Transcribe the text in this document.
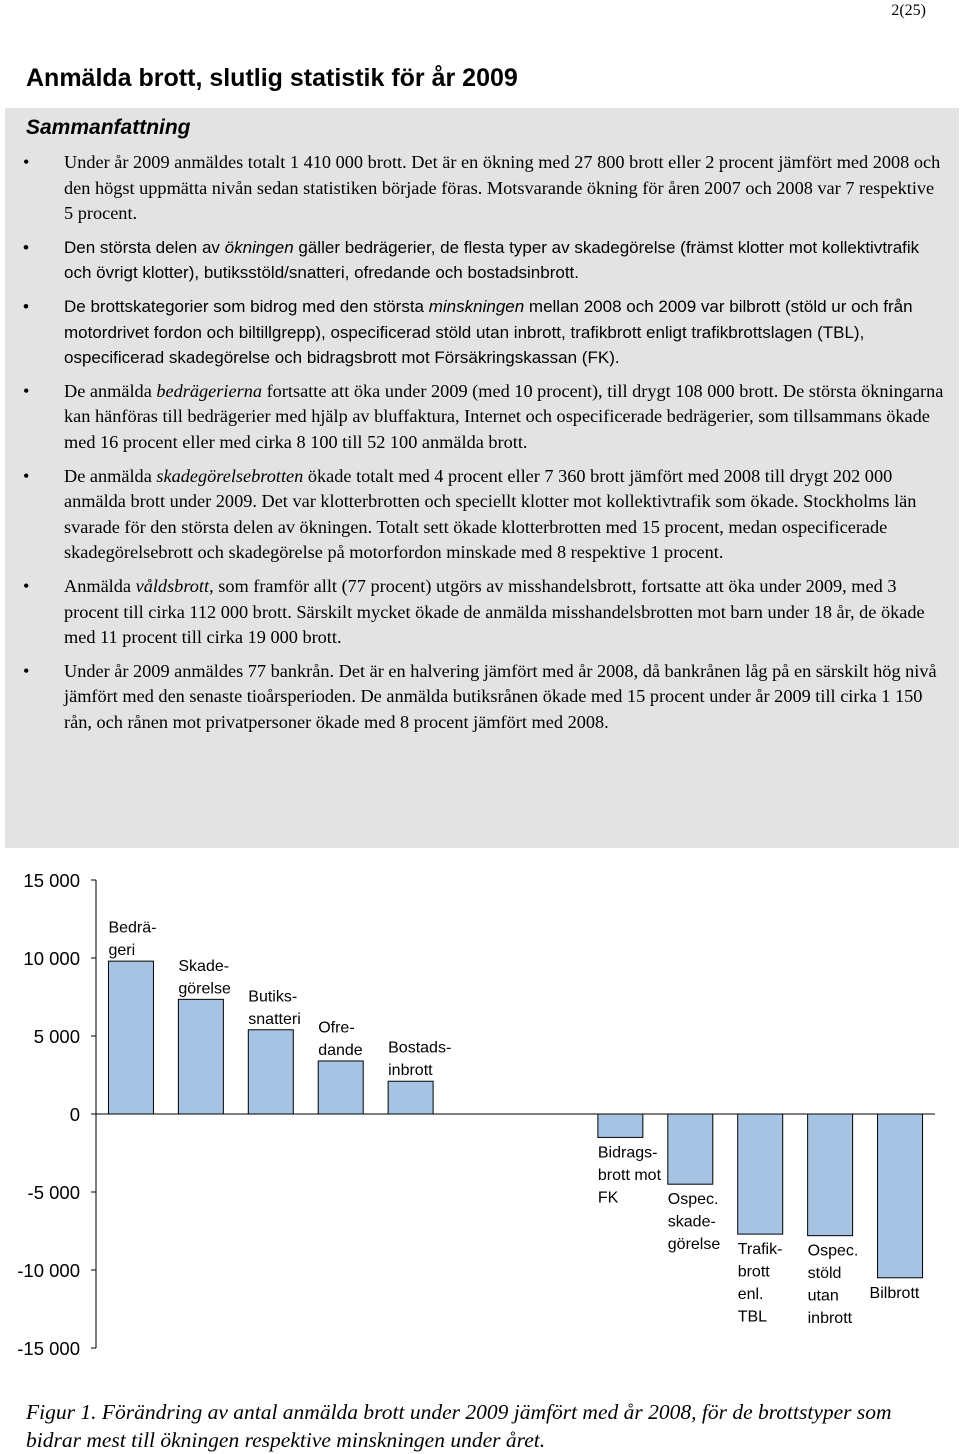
2(25)
Anmälda brott, slutlig statistik för år 2009
Sammanfattning
• Under år 2009 anmäldes totalt 1 410 000 brott. Det är en ökning med 27 800 brott eller 2 procent jämfört med 2008 och den högst uppmätta nivån sedan statistiken började föras. Motsvarande ökning för åren 2007 och 2008 var 7 respektive 5 procent.
• Den största delen av ökningen gäller bedrägerier, de flesta typer av skadegörelse (främst klotter mot kollektivtrafik och övrigt klotter), butiksstöld/snatteri, ofredande och bostadsinbrott.
• De brottskategorier som bidrog med den största minskningen mellan 2008 och 2009 var bilbrott (stöld ur och från motordrivet fordon och biltillgrepp), ospecificerad stöld utan inbrott, trafikbrott enligt trafikbrottslagen (TBL), ospecificerad skadegörelse och bidragsbrott mot Försäkringskassan (FK).
• De anmälda bedrägerierna fortsatte att öka under 2009 (med 10 procent), till drygt 108 000 brott. De största ökningarna kan hänföras till bedrägerier med hjälp av bluffaktura, Internet och ospecificerade bedrägerier, som tillsammans ökade med 16 procent eller med cirka 8 100 till 52 100 anmälda brott.
• De anmälda skadegörelsebrotten ökade totalt med 4 procent eller 7 360 brott jämfört med 2008 till drygt 202 000 anmälda brott under 2009. Det var klotterbrotten och speciellt klotter mot kollektivtrafik som ökade. Stockholms län svarade för den största delen av ökningen. Totalt sett ökade klotterbrotten med 15 procent, medan ospecificerade skadegörelsebrott och skadegörelse på motorfordon minskade med 8 respektive 1 procent.
• Anmälda våldsbrott, som framför allt (77 procent) utgörs av misshandelsbrott, fortsatte att öka under 2009, med 3 procent till cirka 112 000 brott. Särskilt mycket ökade de anmälda misshandelsbrotten mot barn under 18 år, de ökade med 11 procent till cirka 19 000 brott.
• Under år 2009 anmäldes 77 bankrån. Det är en halvering jämfört med år 2008, då bankrånen låg på en särskilt hög nivå jämfört med den senaste tioårsperioden. De anmälda butiksrånen ökade med 15 procent under år 2009 till cirka 1 150 rån, och rånen mot privatpersoner ökade med 8 procent jämfört med 2008.
15 000
10 000
5 000
0
-5 000
-10 000
-15 000
Bedrä-geri
Skade-görelse Butiks-snatteri
Ofre-dande Bostads-inbrott
Bidrags-brott mot FK	Ospec. skade-görelse Trafik-brott enl. TBL
Ospec. stöld utan inbrott
Bilbrott

Figur 1. Förändring av antal anmälda brott under 2009 jämfört med år 2008, för de brottstyper som bidrar mest till ökningen respektive minskningen under året.
